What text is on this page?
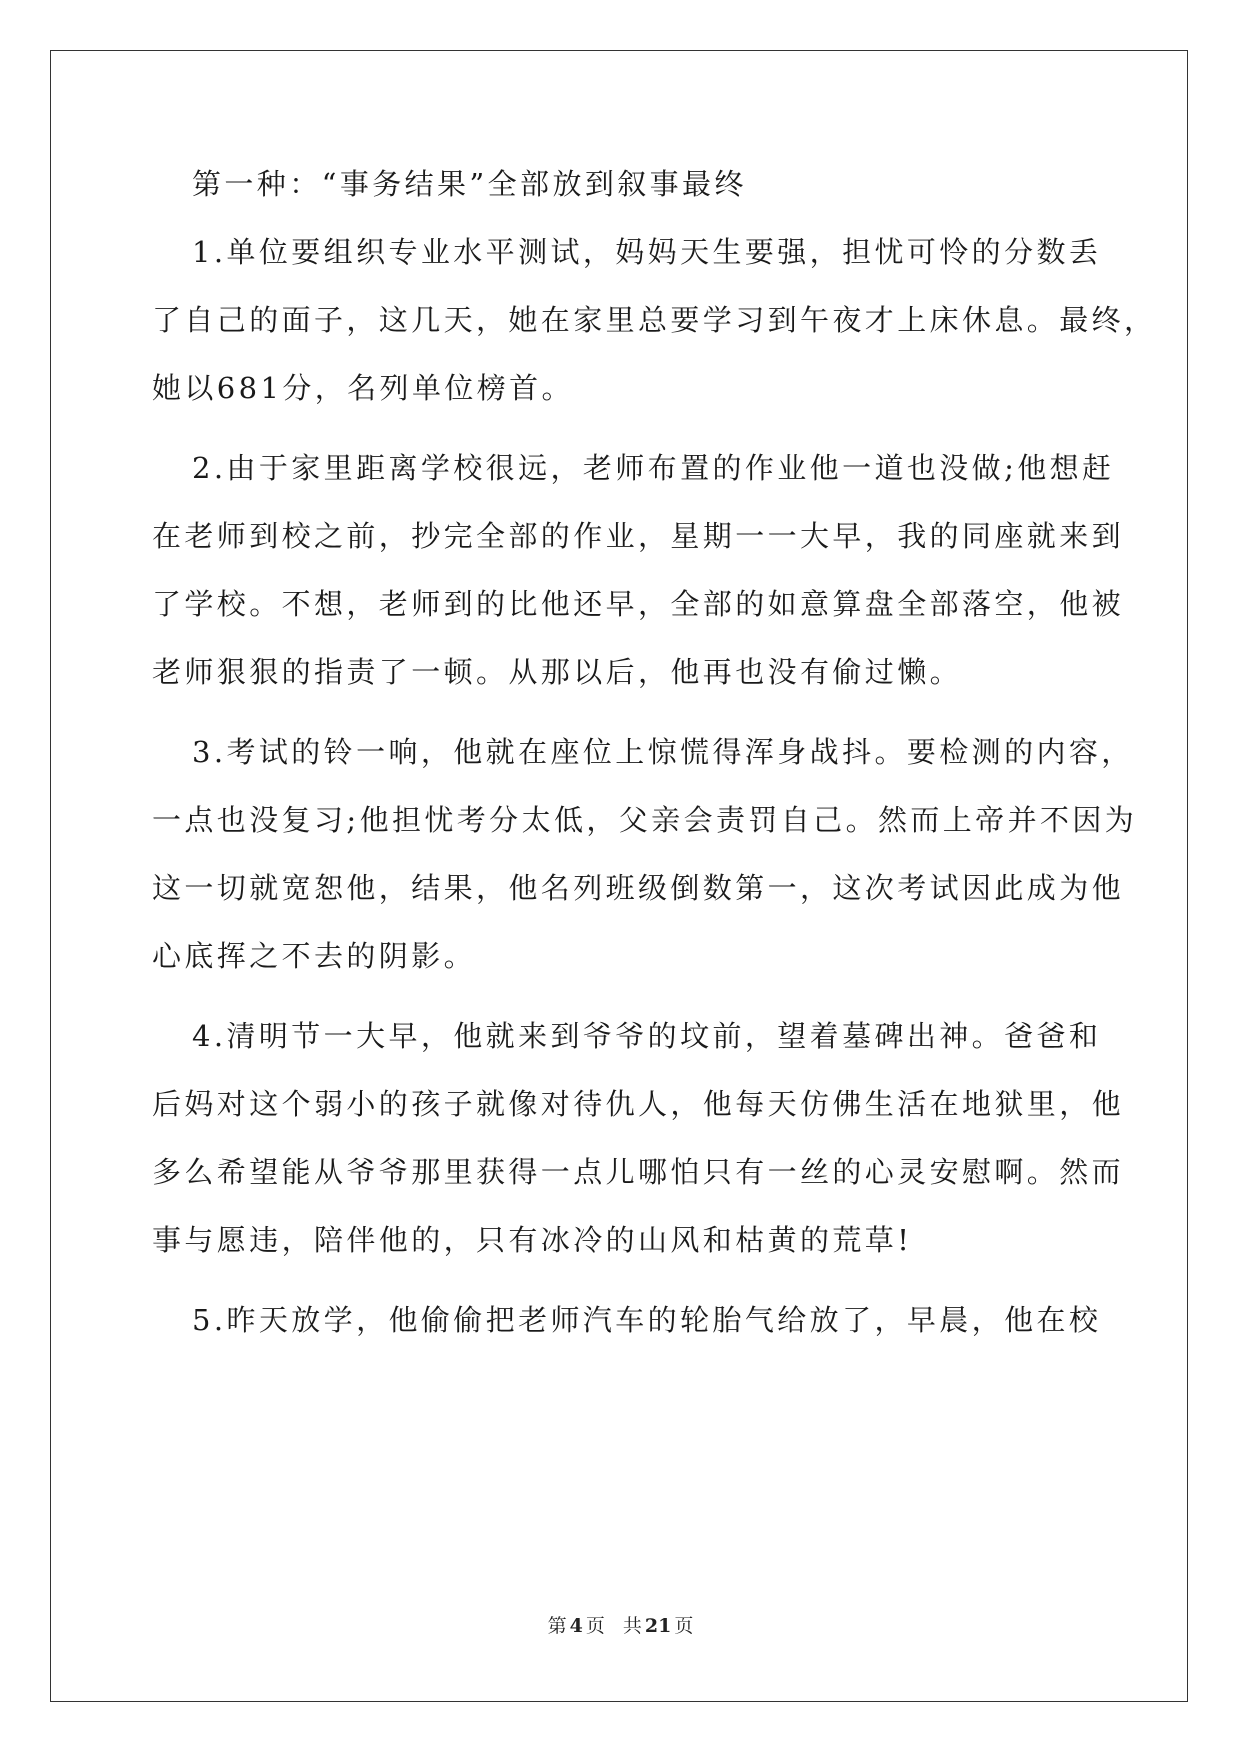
第一种：“事务结果”全部放到叙事最终
1.单位要组织专业水平测试，妈妈天生要强，担忧可怜的分数丢
了自己的面子，这几天，她在家里总要学习到午夜才上床休息。最终，
她以681分，名列单位榜首。
2.由于家里距离学校很远，老师布置的作业他一道也没做;他想赶
在老师到校之前，抄完全部的作业，星期一一大早，我的同座就来到
了学校。不想，老师到的比他还早，全部的如意算盘全部落空，他被
老师狠狠的指责了一顿。从那以后，他再也没有偷过懒。
3.考试的铃一响，他就在座位上惊慌得浑身战抖。要检测的内容，
一点也没复习;他担忧考分太低，父亲会责罚自己。然而上帝并不因为
这一切就宽恕他，结果，他名列班级倒数第一，这次考试因此成为他
心底挥之不去的阴影。
4.清明节一大早，他就来到爷爷的坟前，望着墓碑出神。爸爸和
后妈对这个弱小的孩子就像对待仇人，他每天仿佛生活在地狱里，他
多么希望能从爷爷那里获得一点儿哪怕只有一丝的心灵安慰啊。然而
事与愿违，陪伴他的，只有冰冷的山风和枯黄的荒草!
5.昨天放学，他偷偷把老师汽车的轮胎气给放了，早晨，他在校
第 4 页 共 21 页
